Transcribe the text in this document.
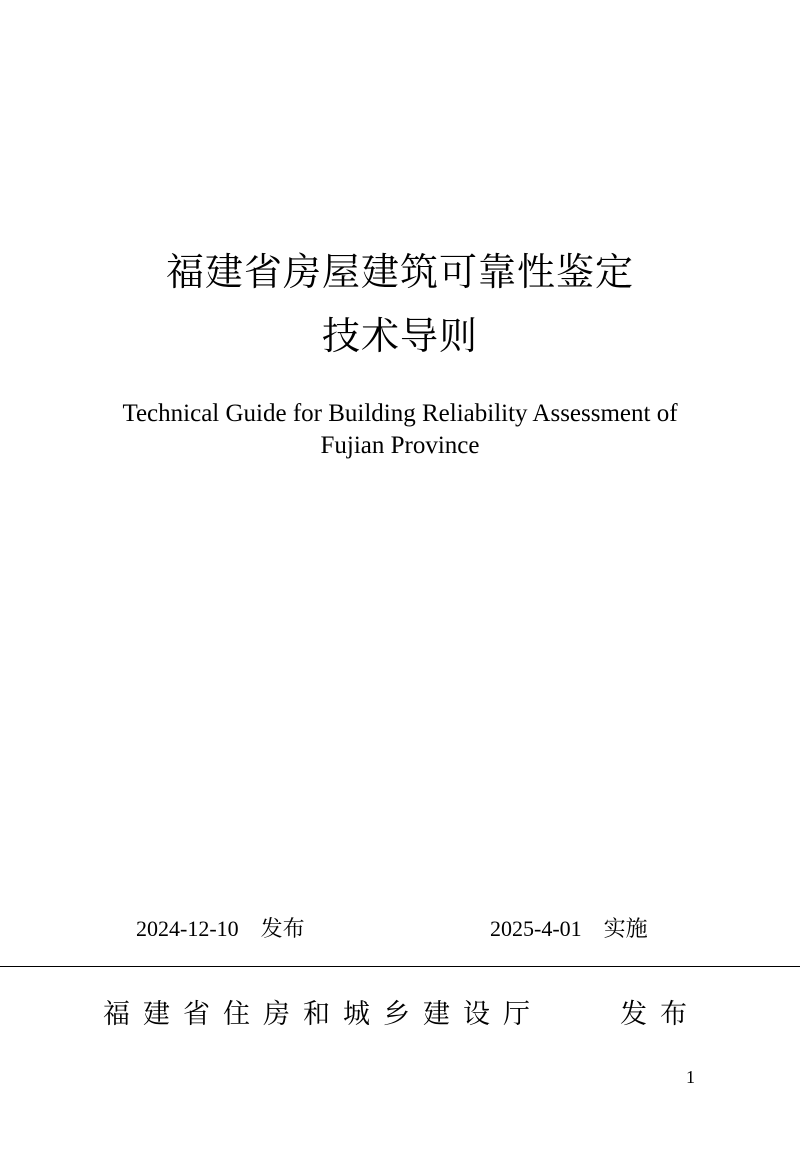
福建省房屋建筑可靠性鉴定
技术导则
Technical Guide for Building Reliability Assessment of
Fujian Province
2024-12-10 发布	2025-4-01 实施
福建省住房和城乡建设厅	发布
1
